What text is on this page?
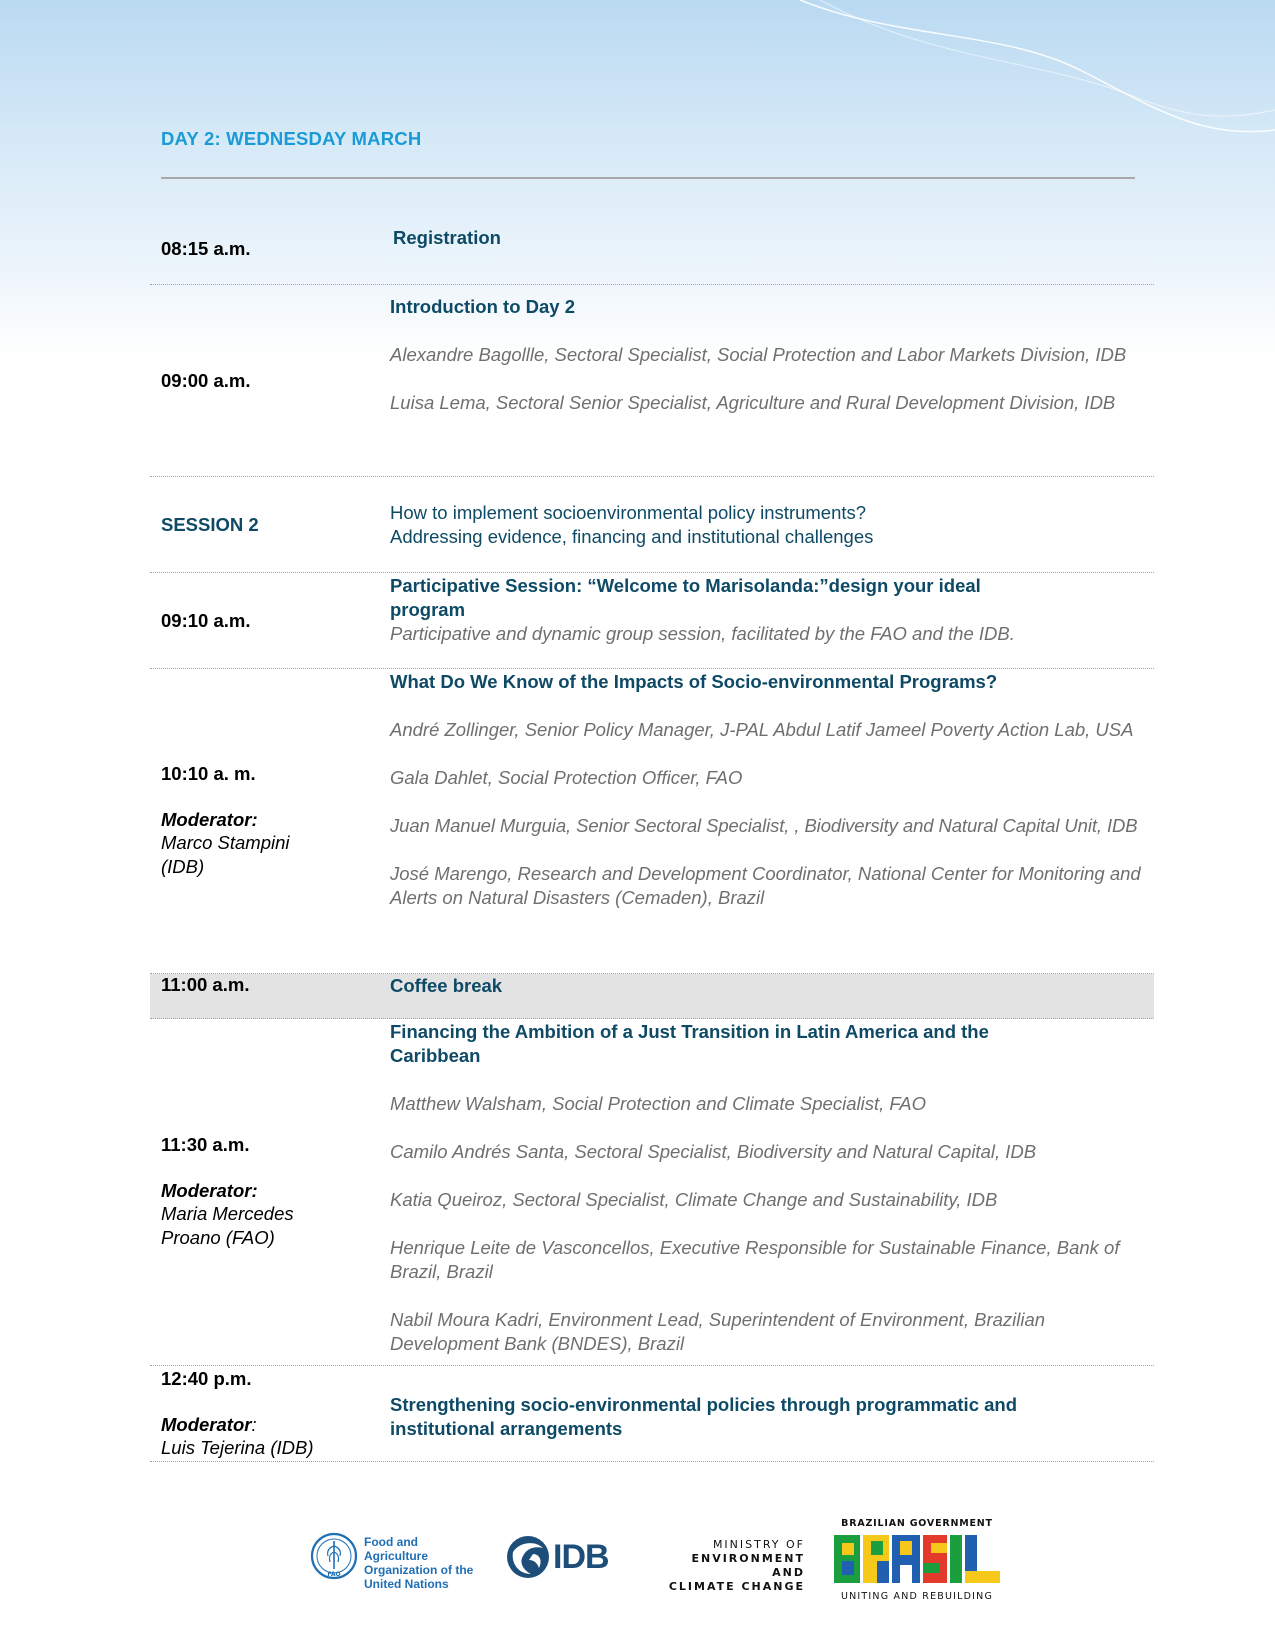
DAY 2: WEDNESDAY MARCH
08:15 a.m.
Registration
09:00 a.m.
Introduction to Day 2
Alexandre Bagollle, Sectoral Specialist, Social Protection and Labor Markets Division, IDB
Luisa Lema, Sectoral Senior Specialist, Agriculture and Rural Development Division, IDB
SESSION 2
How to implement socioenvironmental policy instruments?
Addressing evidence, financing and institutional challenges
09:10 a.m.
Participative Session: “Welcome to Marisolanda:”design your ideal program
Participative and dynamic group session, facilitated by the FAO and the IDB.
10:10 a. m.
Moderator:
Marco Stampini (IDB)
What Do We Know of the Impacts of Socio-environmental Programs?
André Zollinger, Senior Policy Manager, J-PAL Abdul Latif Jameel Poverty Action Lab, USA
Gala Dahlet, Social Protection Officer, FAO
Juan Manuel Murguia, Senior Sectoral Specialist, , Biodiversity and Natural Capital Unit, IDB
José Marengo, Research and Development Coordinator, National Center for Monitoring and Alerts on Natural Disasters (Cemaden), Brazil
11:00 a.m.	Coffee break
11:30 a.m.
Moderator:
Maria Mercedes Proano (FAO)
Financing the Ambition of a Just Transition in Latin America and the Caribbean
Matthew Walsham, Social Protection and Climate Specialist, FAO
Camilo Andrés Santa, Sectoral Specialist, Biodiversity and Natural Capital, IDB
Katia Queiroz, Sectoral Specialist, Climate Change and Sustainability, IDB
Henrique Leite de Vasconcellos, Executive Responsible for Sustainable Finance, Bank of Brazil, Brazil
Nabil Moura Kadri, Environment Lead, Superintendent of Environment, Brazilian Development Bank (BNDES), Brazil
12:40 p.m.
Moderator:
Luis Tejerina (IDB)
Strengthening socio-environmental policies through programmatic and institutional arrangements
FAO
Food and Agriculture
Organization of the
United Nations
IDB	MINISTRY OF
ENVIRONMENT AND
CLIMATE CHANGE
BRAZILIAN GOVERNMENT
UNITING AND REBUILDING
